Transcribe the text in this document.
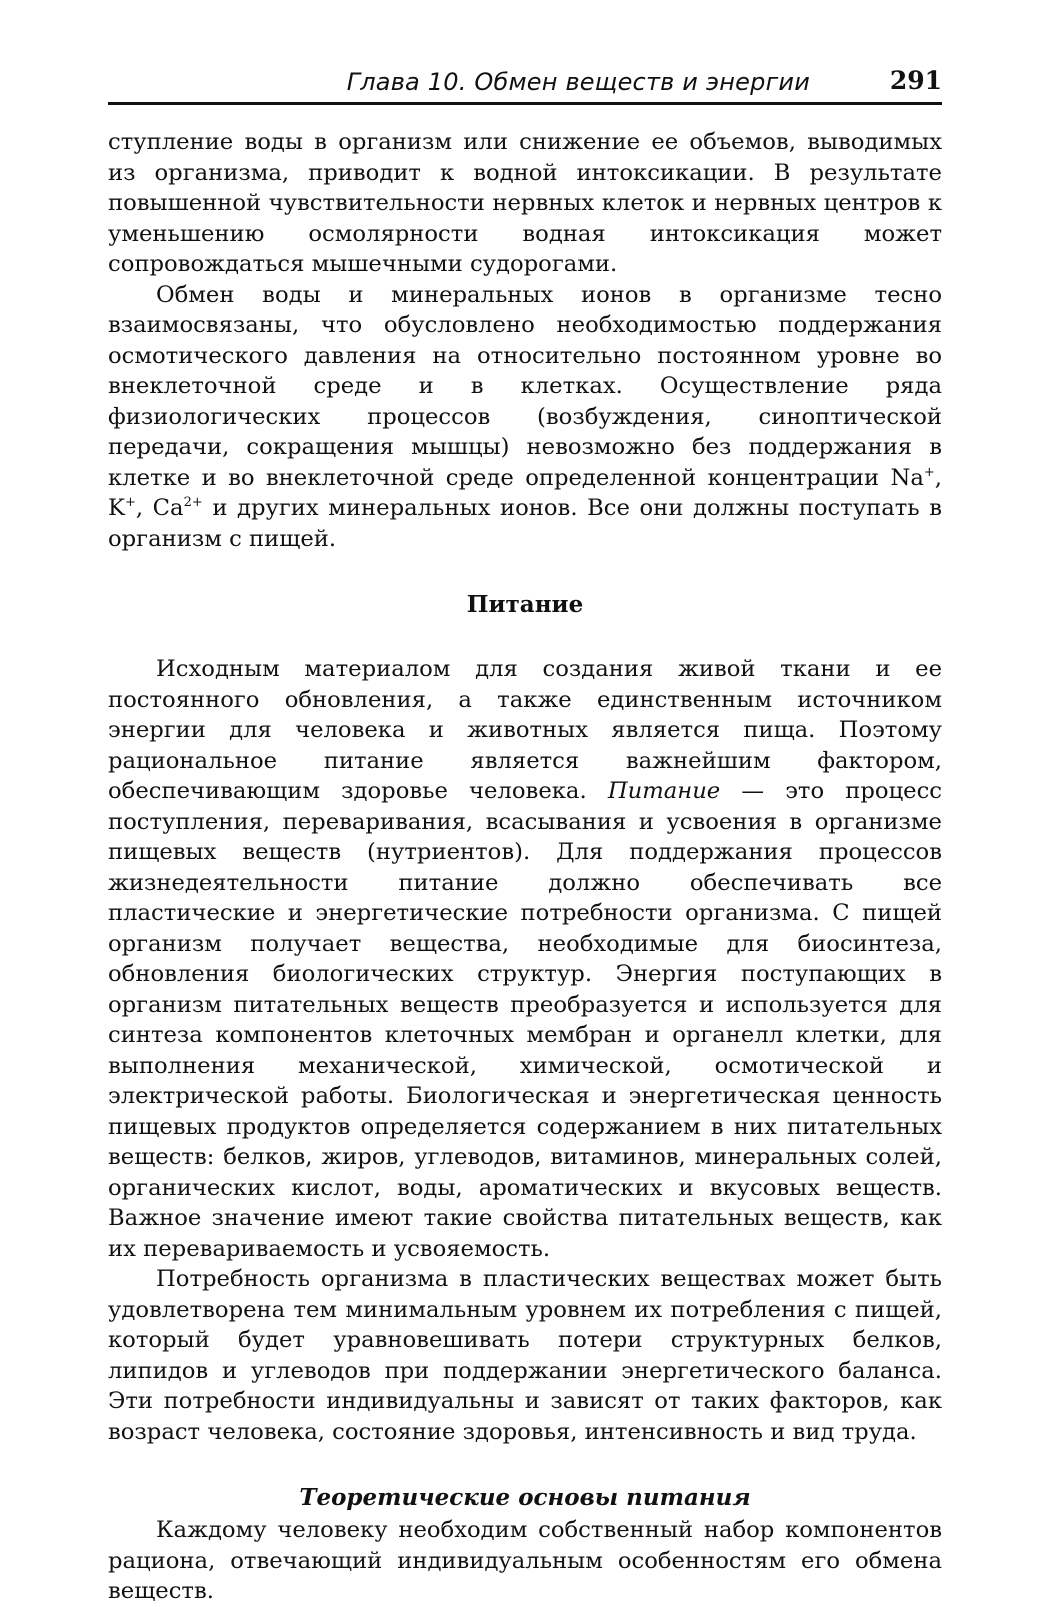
Глава 10. Обмен веществ и энергии	291

ступление воды в организм или снижение ее объемов, выводимых из организма, приводит к водной интоксикации. В результате повышенной чувствительности нервных клеток и нервных центров к уменьшению осмолярности водная интоксикация может сопровождаться мышечными судорогами.

Обмен воды и минеральных ионов в организме тесно взаимосвязаны, что обусловлено необходимостью поддержания осмотического давления на относительно постоянном уровне во внеклеточной среде и в клетках. Осуществление ряда физиологических процессов (возбуждения, синоптической передачи, сокращения мышцы) невозможно без поддержания в клетке и во внеклеточной среде определенной концентрации Na+, K+, $Ca^{2+}$ и других минеральных ионов. Все они должны поступать в организм с пищей.

Питание

Исходным материалом для создания живой ткани и ее постоянного обновления, а также единственным источником энергии для человека и животных является пища. Поэтому рациональное питание является важнейшим фактором, обеспечивающим здоровье человека. Питание — это процесс поступления, переваривания, всасывания и усвоения в организме пищевых веществ (нутриентов). Для поддержания процессов жизнедеятельности питание должно обеспечивать все пластические и энергетические потребности организма. С пищей организм получает вещества, необходимые для биосинтеза, обновления биологических структур. Энергия поступающих в организм питательных веществ преобразуется и используется для синтеза компонентов клеточных мембран и органелл клетки, для выполнения механической, химической, осмотической и электрической работы. Биологическая и энергетическая ценность пищевых продуктов определяется содержанием в них питательных веществ: белков, жиров, углеводов, витаминов, минеральных солей, органических кислот, воды, ароматических и вкусовых веществ. Важное значение имеют такие свойства питательных веществ, как их перевариваемость и усвояемость.

Потребность организма в пластических веществах может быть удовлетворена тем минимальным уровнем их потребления с пищей, который будет уравновешивать потери структурных белков, липидов и углеводов при поддержании энергетического баланса. Эти потребности индивидуальны и зависят от таких факторов, как возраст человека, состояние здоровья, интенсивность и вид труда.

Теоретические основы питания

Каждому человеку необходим собственный набор компонентов рациона, отвечающий индивидуальным особенностям его обмена веществ.
